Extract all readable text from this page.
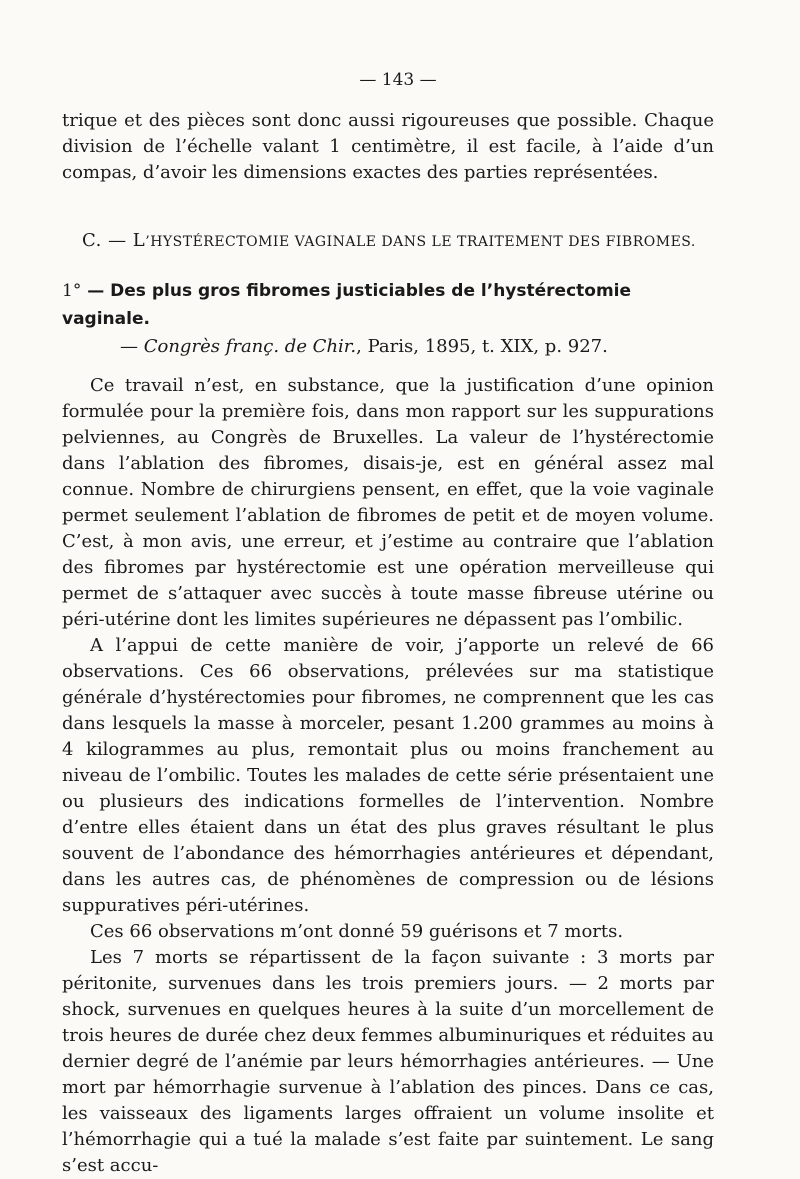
— 143 —

trique et des pièces sont donc aussi rigoureuses que possible. Chaque division de l’échelle valant 1 centimètre, il est facile, à l’aide d’un compas, d’avoir les dimensions exactes des parties représentées.

C. — L’HYSTÉRECTOMIE VAGINALE DANS LE TRAITEMENT DES FIBROMES.

1° — Des plus gros fibromes justiciables de l’hystérectomie vaginale.

— Congrès franç. de Chir., Paris, 1895, t. XIX, p. 927.

Ce travail n’est, en substance, que la justification d’une opinion formulée pour la première fois, dans mon rapport sur les suppurations pelviennes, au Congrès de Bruxelles. La valeur de l’hystérectomie dans l’ablation des fibromes, disais-je, est en général assez mal connue. Nombre de chirurgiens pensent, en effet, que la voie vaginale permet seulement l’ablation de fibromes de petit et de moyen volume. C’est, à mon avis, une erreur, et j’estime au contraire que l’ablation des fibromes par hystérectomie est une opération merveilleuse qui permet de s’attaquer avec succès à toute masse fibreuse utérine ou péri-utérine dont les limites supérieures ne dépassent pas l’ombilic.

A l’appui de cette manière de voir, j’apporte un relevé de 66 observations. Ces 66 observations, prélevées sur ma statistique générale d’hystérectomies pour fibromes, ne comprennent que les cas dans lesquels la masse à morceler, pesant 1.200 grammes au moins à 4 kilogrammes au plus, remontait plus ou moins franchement au niveau de l’ombilic. Toutes les malades de cette série présentaient une ou plusieurs des indications formelles de l’intervention. Nombre d’entre elles étaient dans un état des plus graves résultant le plus souvent de l’abondance des hémorrhagies antérieures et dépendant, dans les autres cas, de phénomènes de compression ou de lésions suppuratives péri-utérines.

Ces 66 observations m’ont donné 59 guérisons et 7 morts.

Les 7 morts se répartissent de la façon suivante : 3 morts par péritonite, survenues dans les trois premiers jours. — 2 morts par shock, survenues en quelques heures à la suite d’un morcellement de trois heures de durée chez deux femmes albuminuriques et réduites au dernier degré de l’anémie par leurs hémorrhagies antérieures. — Une mort par hémorrhagie survenue à l’ablation des pinces. Dans ce cas, les vaisseaux des ligaments larges offraient un volume insolite et l’hémorrhagie qui a tué la malade s’est faite par suintement. Le sang s’est accu-
